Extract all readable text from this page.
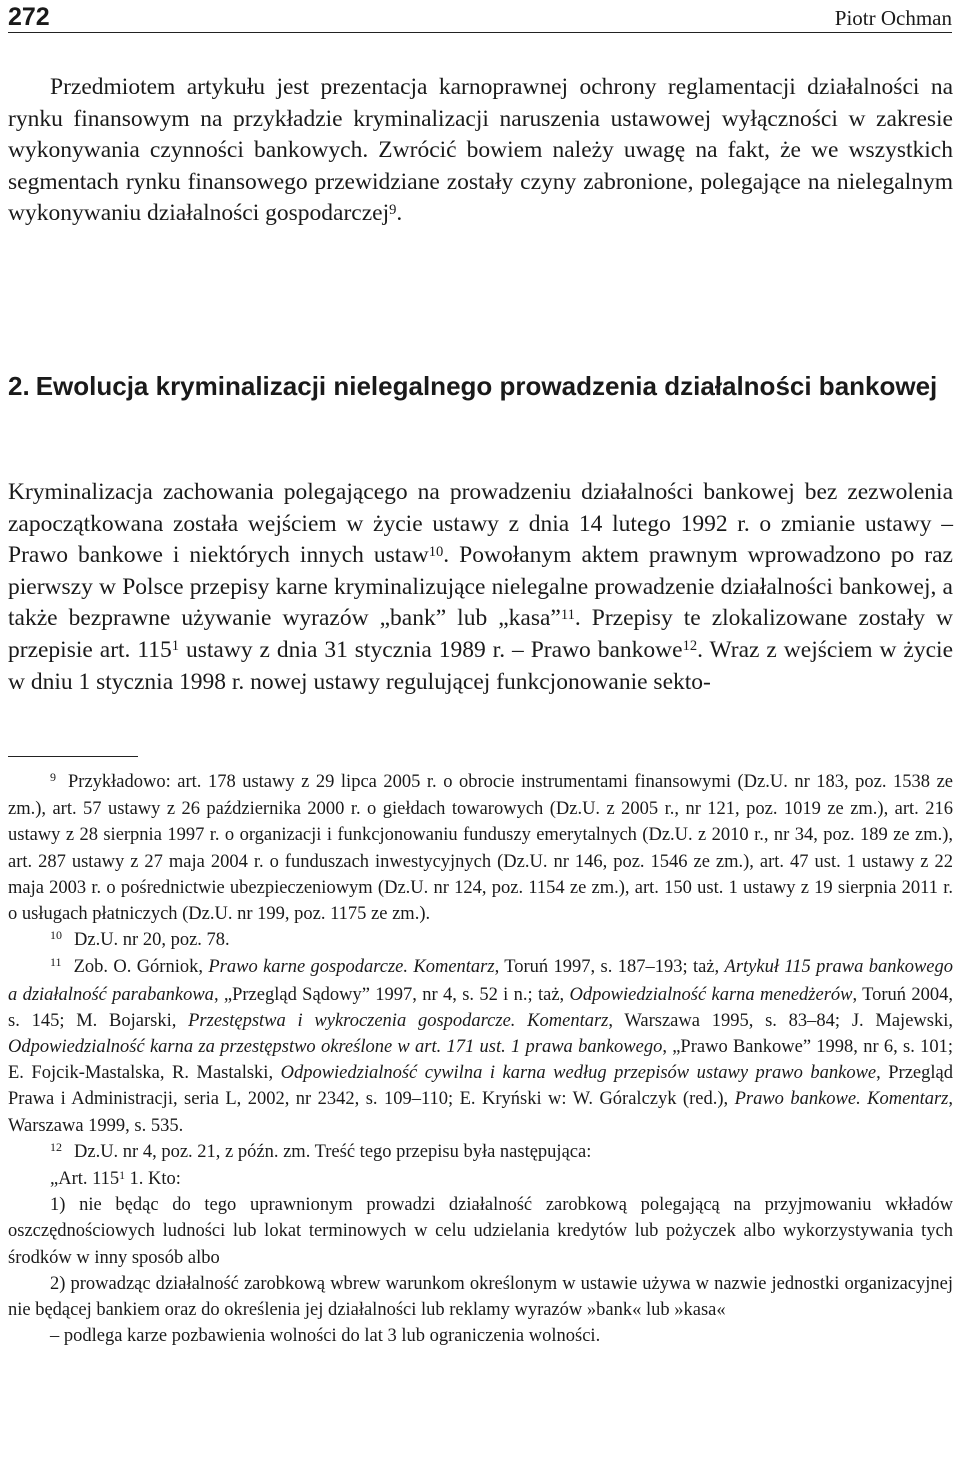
272	Piotr Ochman

Przedmiotem artykułu jest prezentacja karnoprawnej ochrony reglamentacji działalności na rynku finansowym na przykładzie kryminalizacji naruszenia ustawowej wyłączności w zakresie wykonywania czynności bankowych. Zwrócić bowiem należy uwagę na fakt, że we wszystkich segmentach rynku finansowego przewidziane zostały czyny zabronione, polegające na nielegalnym wykonywaniu działalności gospodarczej$^9$.

2. Ewolucja kryminalizacji nielegalnego prowadzenia działalności bankowej

Kryminalizacja zachowania polegającego na prowadzeniu działalności bankowej bez zezwolenia zapoczątkowana została wejściem w życie ustawy z dnia 14 lutego 1992 r. o zmianie ustawy – Prawo bankowe i niektórych innych ustaw$^{10}$. Powołanym aktem prawnym wprowadzono po raz pierwszy w Polsce przepisy karne kryminalizujące nielegalne prowadzenie działalności bankowej, a także bezprawne używanie wyrazów „bank” lub „kasa”$^{11}$. Przepisy te zlokalizowane zostały w przepisie art. $115^1$ ustawy z dnia 31 stycznia 1989 r. – Prawo bankowe$^{12}$. Wraz z wejściem w życie w dniu 1 stycznia 1998 r. nowej ustawy regulującej funkcjonowanie sekto-

$^9$ Przykładowo: art. 178 ustawy z 29 lipca 2005 r. o obrocie instrumentami finansowymi (Dz.U. nr 183, poz. 1538 ze zm.), art. 57 ustawy z 26 października 2000 r. o giełdach towarowych (Dz.U. z 2005 r., nr 121, poz. 1019 ze zm.), art. 216 ustawy z 28 sierpnia 1997 r. o organizacji i funkcjonowaniu funduszy emerytalnych (Dz.U. z 2010 r., nr 34, poz. 189 ze zm.), art. 287 ustawy z 27 maja 2004 r. o funduszach inwestycyjnych (Dz.U. nr 146, poz. 1546 ze zm.), art. 47 ust. 1 ustawy z 22 maja 2003 r. o pośrednictwie ubezpieczeniowym (Dz.U. nr 124, poz. 1154 ze zm.), art. 150 ust. 1 ustawy z 19 sierpnia 2011 r. o usługach płatniczych (Dz.U. nr 199, poz. 1175 ze zm.).

$^{10}$ Dz.U. nr 20, poz. 78.

$^{11}$ Zob. O. Górniok, Prawo karne gospodarcze. Komentarz, Toruń 1997, s. 187–193; taż, Artykuł 115 prawa bankowego a działalność parabankowa, „Przegląd Sądowy” 1997, nr 4, s. 52 i n.; taż, Odpowiedzialność karna menedżerów, Toruń 2004, s. 145; M. Bojarski, Przestępstwa i wykroczenia gospodarcze. Komentarz, Warszawa 1995, s. 83–84; J. Majewski, Odpowiedzialność karna za przestępstwo określone w art. 171 ust. 1 prawa bankowego, „Prawo Bankowe” 1998, nr 6, s. 101; E. Fojcik-Mastalska, R. Mastalski, Odpowiedzialność cywilna i karna według przepisów ustawy prawo bankowe, Przegląd Prawa i Administracji, seria L, 2002, nr 2342, s. 109–110; E. Kryński w: W. Góralczyk (red.), Prawo bankowe. Komentarz, Warszawa 1999, s. 535.

$^{12}$ Dz.U. nr 4, poz. 21, z późn. zm. Treść tego przepisu była następująca:

„Art. $115^1$ 1. Kto:

1) nie będąc do tego uprawnionym prowadzi działalność zarobkową polegającą na przyjmowaniu wkładów oszczędnościowych ludności lub lokat terminowych w celu udzielania kredytów lub pożyczek albo wykorzystywania tych środków w inny sposób albo

2) prowadząc działalność zarobkową wbrew warunkom określonym w ustawie używa w nazwie jednostki organizacyjnej nie będącej bankiem oraz do określenia jej działalności lub reklamy wyrazów »bank« lub »kasa«

– podlega karze pozbawienia wolności do lat 3 lub ograniczenia wolności.
